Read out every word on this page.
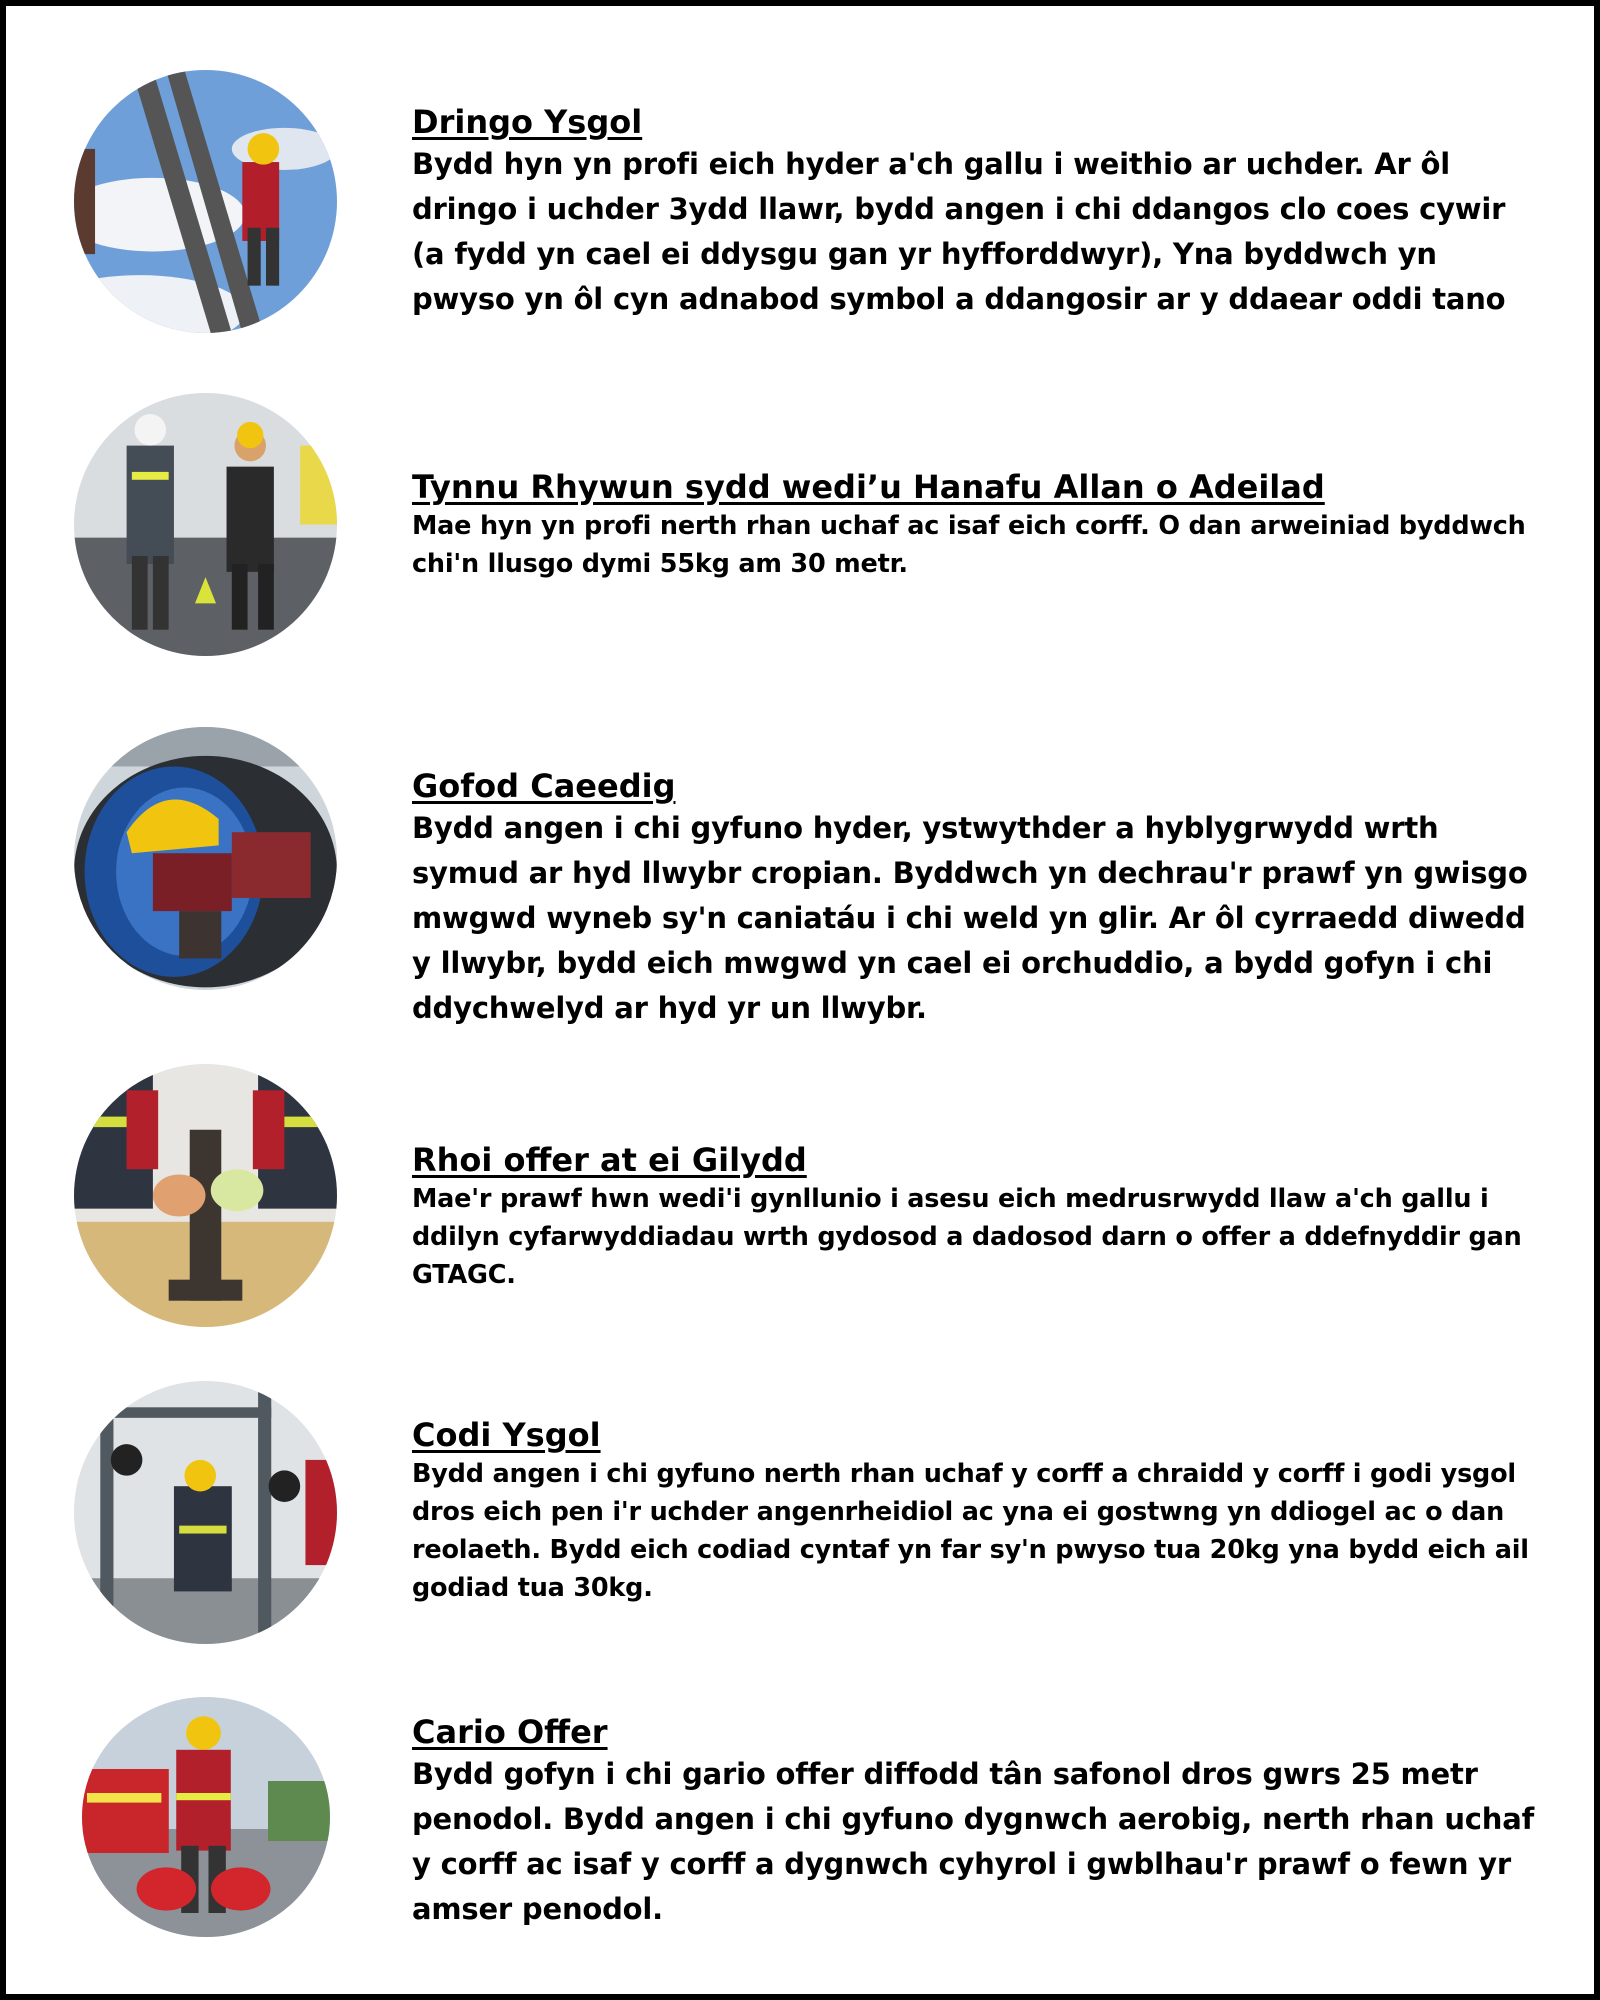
Dringo Ysgol

Bydd hyn yn profi eich hyder a'ch gallu i weithio ar uchder. Ar ôl dringo i uchder 3ydd llawr, bydd angen i chi ddangos clo coes cywir (a fydd yn cael ei ddysgu gan yr hyfforddwyr), Yna byddwch yn pwyso yn ôl cyn adnabod symbol a ddangosir ar y ddaear oddi tano

Tynnu Rhywun sydd wedi’u Hanafu Allan o Adeilad

Mae hyn yn profi nerth rhan uchaf ac isaf eich corff. O dan arweiniad byddwch chi'n llusgo dymi 55kg am 30 metr.

Gofod Caeedig

Bydd angen i chi gyfuno hyder, ystwythder a hyblygrwydd wrth symud ar hyd llwybr cropian. Byddwch yn dechrau'r prawf yn gwisgo mwgwd wyneb sy'n caniatáu i chi weld yn glir. Ar ôl cyrraedd diwedd y llwybr, bydd eich mwgwd yn cael ei orchuddio, a bydd gofyn i chi ddychwelyd ar hyd yr un llwybr.

Rhoi offer at ei Gilydd

Mae'r prawf hwn wedi'i gynllunio i asesu eich medrusrwydd llaw a'ch gallu i ddilyn cyfarwyddiadau wrth gydosod a dadosod darn o offer a ddefnyddir gan GTAGC.

Codi Ysgol

Bydd angen i chi gyfuno nerth rhan uchaf y corff a chraidd y corff i godi ysgol dros eich pen i'r uchder angenrheidiol ac yna ei gostwng yn ddiogel ac o dan reolaeth. Bydd eich codiad cyntaf yn far sy'n pwyso tua 20kg yna bydd eich ail godiad tua 30kg.

Cario Offer

Bydd gofyn i chi gario offer diffodd tân safonol dros gwrs 25 metr penodol. Bydd angen i chi gyfuno dygnwch aerobig, nerth rhan uchaf y corff ac isaf y corff a dygnwch cyhyrol i gwblhau'r prawf o fewn yr amser penodol.
